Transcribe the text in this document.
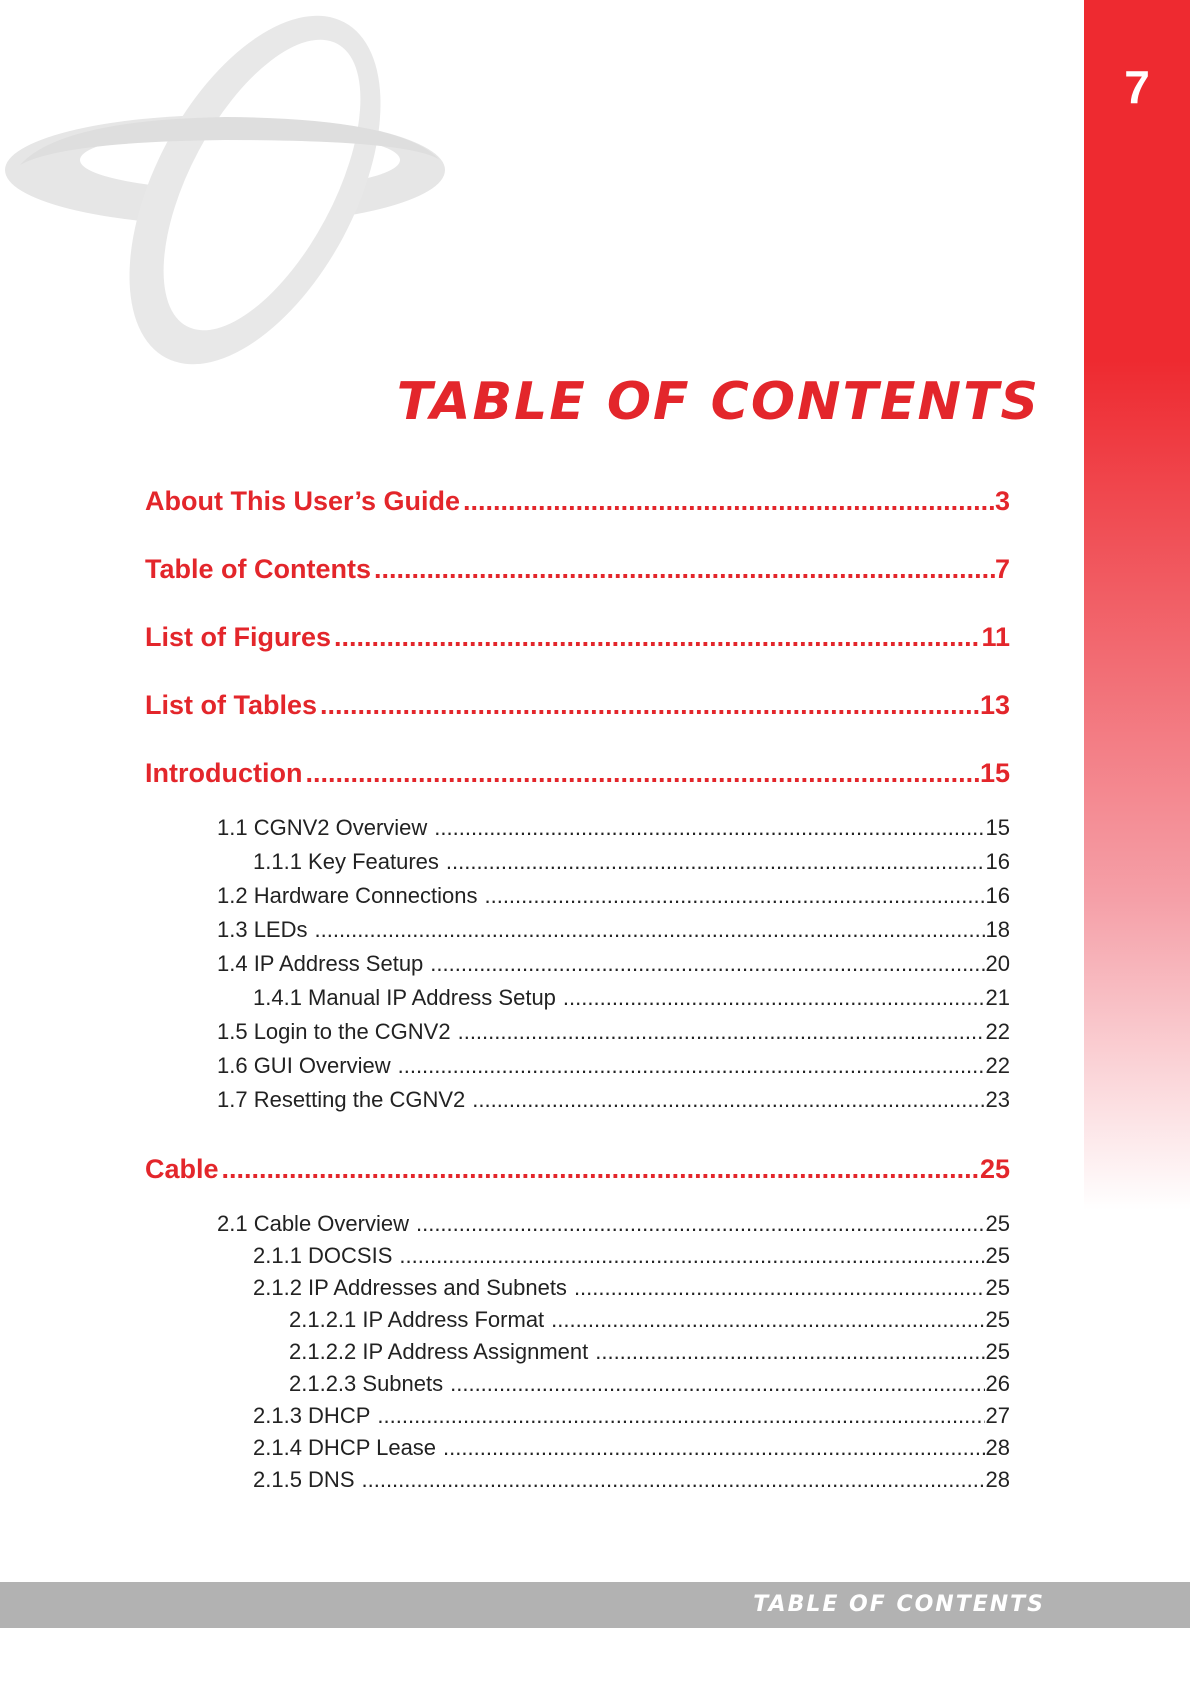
7
TABLE OF CONTENTS
About This User’s Guide .....	3
Table of Contents .....	7
List of Figures .....	11
List of Tables .....	13
Introduction .....	15
1.1 CGNV2 Overview .....	15
1.1.1 Key Features .....	16
1.2 Hardware Connections .....	16
1.3 LEDs .....	18
1.4 IP Address Setup .....	20
1.4.1 Manual IP Address Setup .....	21
1.5 Login to the CGNV2 .....	22
1.6 GUI Overview .....	22
1.7 Resetting the CGNV2 .....	23
Cable .....	25
2.1 Cable Overview .....	25
2.1.1 DOCSIS .....	25
2.1.2 IP Addresses and Subnets .....	25
2.1.2.1 IP Address Format .....	25
2.1.2.2 IP Address Assignment .....	25
2.1.2.3 Subnets .....	26
2.1.3 DHCP .....	27
2.1.4 DHCP Lease .....	28
2.1.5 DNS .....	28
TABLE OF CONTENTS
